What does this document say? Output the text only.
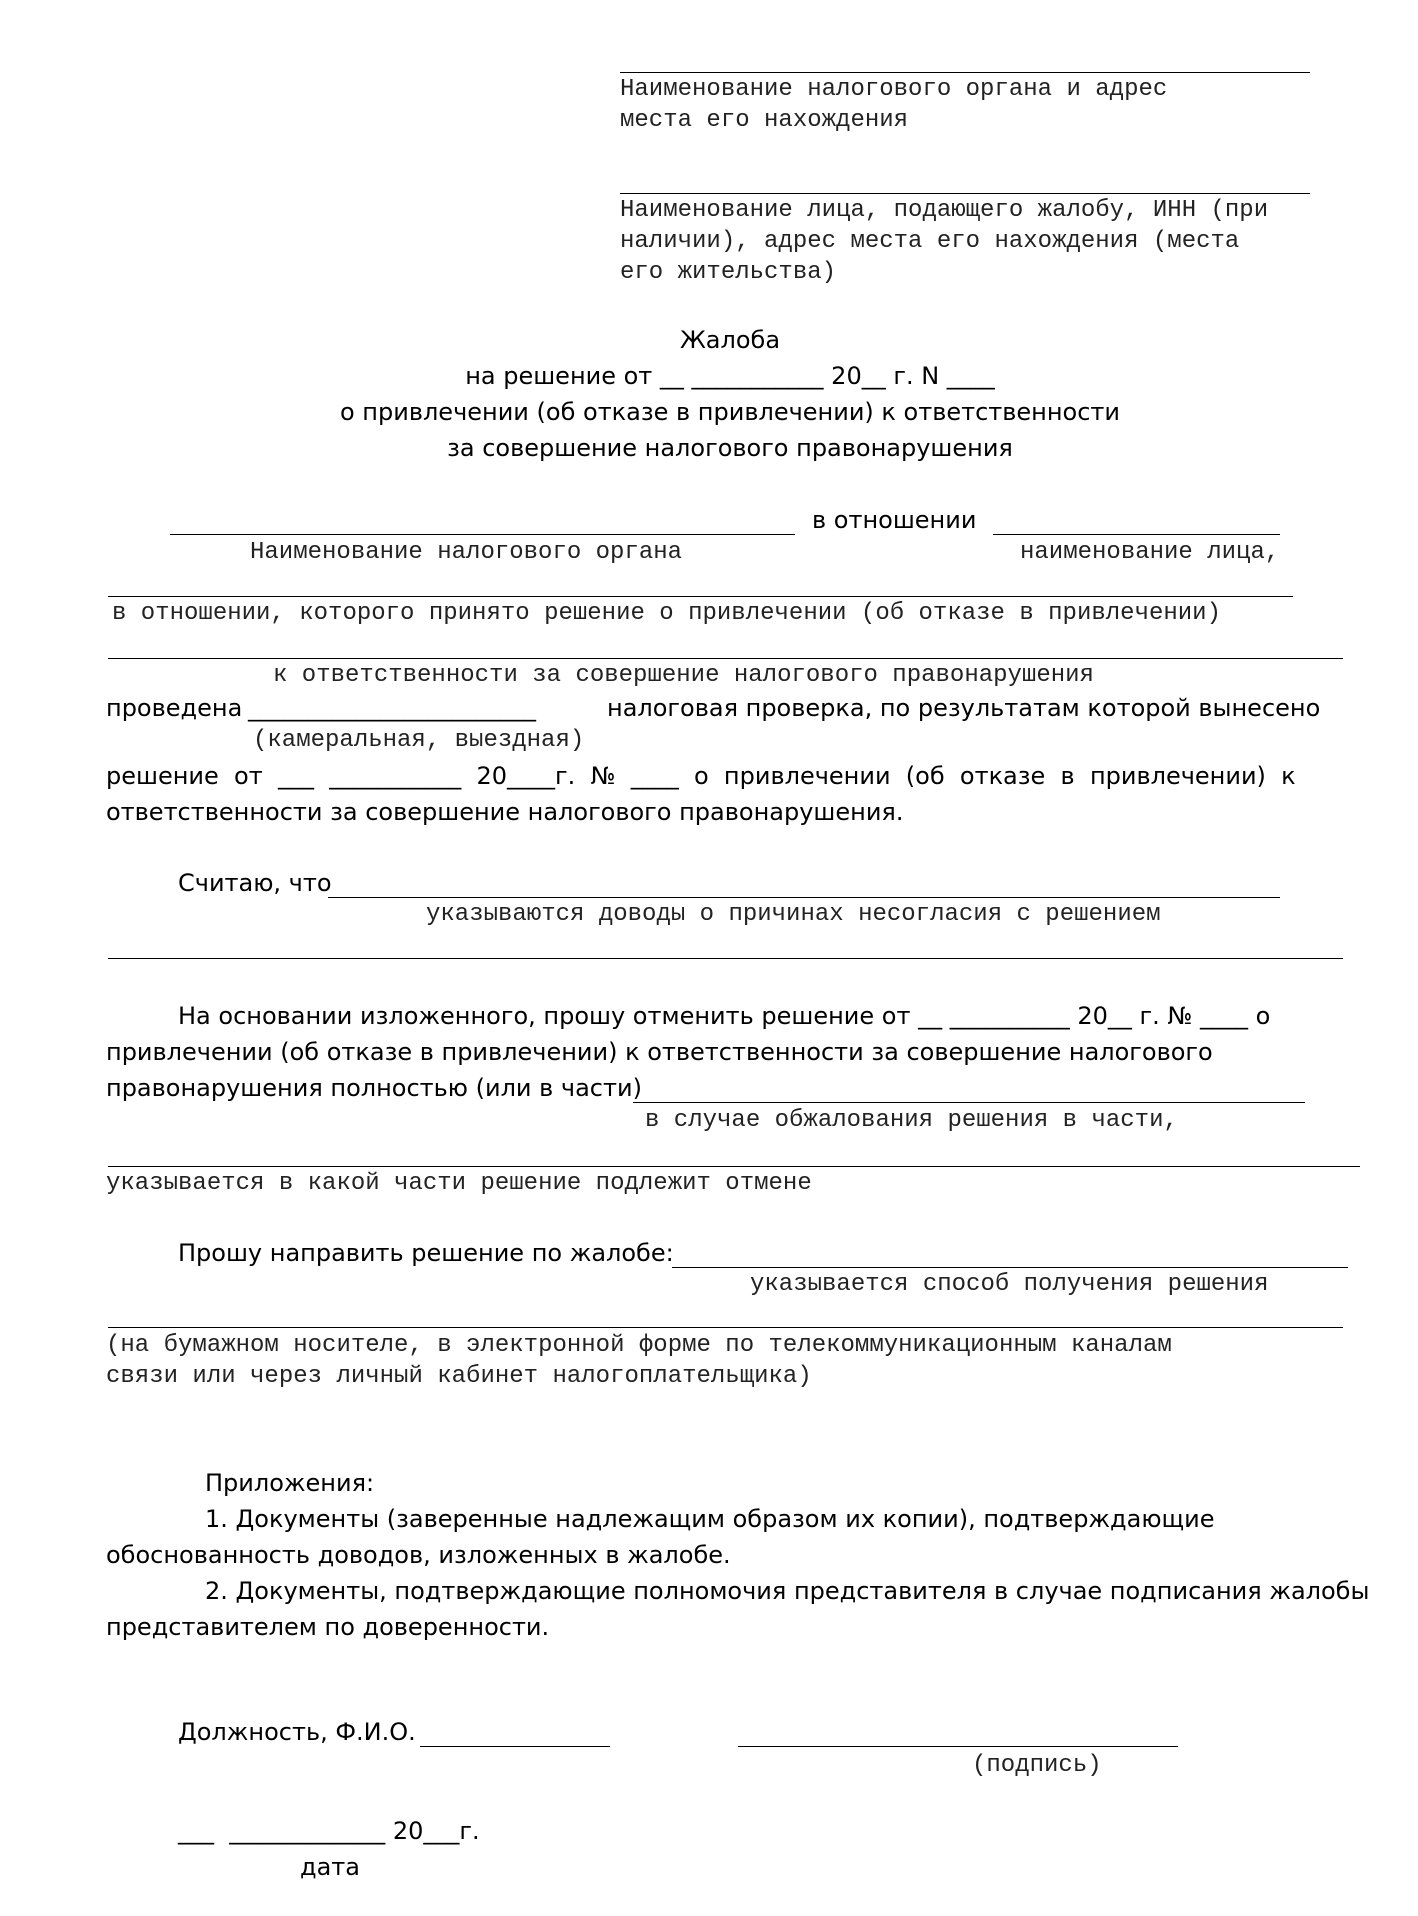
Наименование налогового органа и адрес
места его нахождения
Наименование лица, подающего жалобу, ИНН (при
наличии), адрес места его нахождения (места
его жительства)
Жалоба
на решение от __ ___________ 20__ г. N ____
о привлечении (об отказе в привлечении) к ответственности
за совершение налогового правонарушения
в отношении
Наименование налогового органа	наименование лица,
в отношении, которого принято решение о привлечении (об отказе в привлечении)
к ответственности за совершение налогового правонарушения
проведена ________________________	налоговая проверка, по результатам которой вынесено
(камеральная, выездная)
решение  от  ___  ___________  20____г.  №  ____  о  привлечении  (об  отказе  в  привлечении)  к
ответственности за совершение налогового правонарушения.
Считаю, что
указываются доводы о причинах несогласия с решением
На основании изложенного, прошу отменить решение от __ __________ 20__ г. № ____ о
привлечении (об отказе в привлечении) к ответственности за совершение налогового
правонарушения полностью (или в части)
в случае обжалования решения в части,
указывается в какой части решение подлежит отмене
Прошу направить решение по жалобе:
указывается способ получения решения
(на бумажном носителе, в электронной форме по телекоммуникационным каналам
связи или через личный кабинет налогоплательщика)
Приложения:
1. Документы (заверенные надлежащим образом их копии), подтверждающие
обоснованность доводов, изложенных в жалобе.
2. Документы, подтверждающие полномочия представителя в случае подписания жалобы
представителем по доверенности.
Должность, Ф.И.О.
(подпись)
___  _____________ 20___г.
дата
